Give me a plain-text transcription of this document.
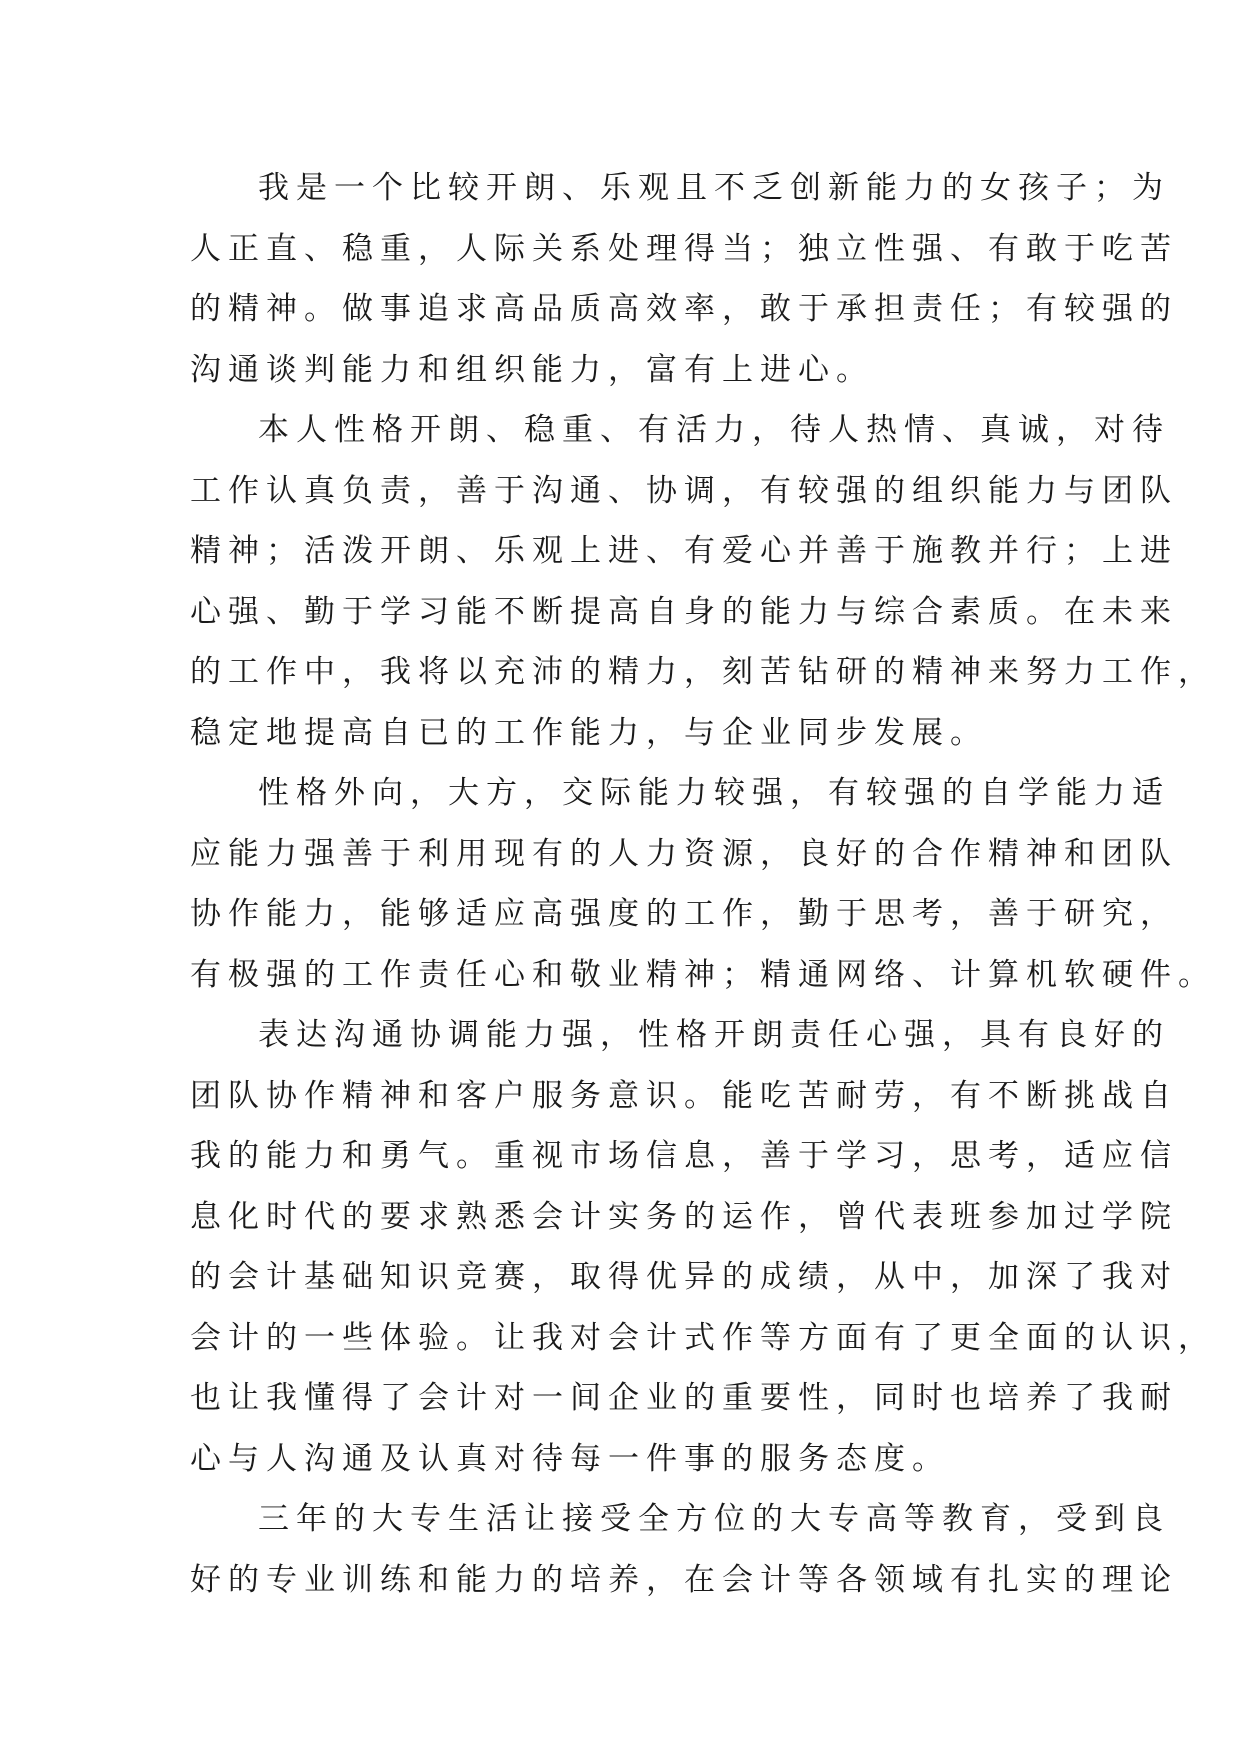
我是一个比较开朗、乐观且不乏创新能力的女孩子；为
人正直、稳重，人际关系处理得当；独立性强、有敢于吃苦
的精神。做事追求高品质高效率，敢于承担责任；有较强的
沟通谈判能力和组织能力，富有上进心。
本人性格开朗、稳重、有活力，待人热情、真诚，对待
工作认真负责，善于沟通、协调，有较强的组织能力与团队
精神；活泼开朗、乐观上进、有爱心并善于施教并行；上进
心强、勤于学习能不断提高自身的能力与综合素质。在未来
的工作中，我将以充沛的精力，刻苦钻研的精神来努力工作，
稳定地提高自已的工作能力，与企业同步发展。
性格外向，大方，交际能力较强，有较强的自学能力适
应能力强善于利用现有的人力资源，良好的合作精神和团队
协作能力，能够适应高强度的工作，勤于思考，善于研究，
有极强的工作责任心和敬业精神；精通网络、计算机软硬件。
表达沟通协调能力强，性格开朗责任心强，具有良好的
团队协作精神和客户服务意识。能吃苦耐劳，有不断挑战自
我的能力和勇气。重视市场信息，善于学习，思考，适应信
息化时代的要求熟悉会计实务的运作，曾代表班参加过学院
的会计基础知识竞赛，取得优异的成绩，从中，加深了我对
会计的一些体验。让我对会计式作等方面有了更全面的认识，
也让我懂得了会计对一间企业的重要性，同时也培养了我耐
心与人沟通及认真对待每一件事的服务态度。
三年的大专生活让接受全方位的大专高等教育，受到良
好的专业训练和能力的培养，在会计等各领域有扎实的理论
